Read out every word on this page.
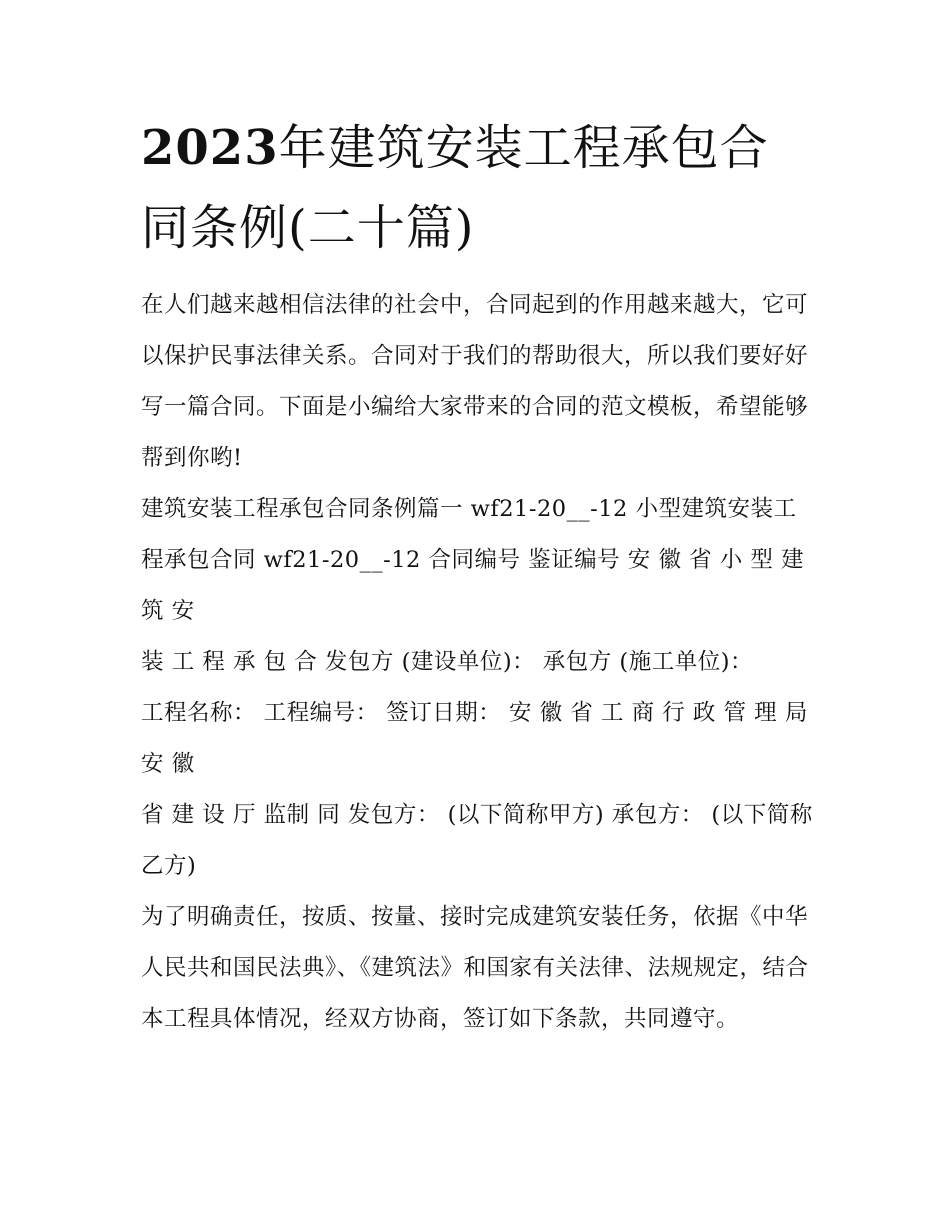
2023年建筑安装工程承包合同条例(二十篇)

在人们越来越相信法律的社会中，合同起到的作用越来越大，它可以保护民事法律关系。合同对于我们的帮助很大，所以我们要好好写一篇合同。下面是小编给大家带来的合同的范文模板，希望能够帮到你哟!

建筑安装工程承包合同条例篇一 wf21-20__-12 小型建筑安装工程承包合同 wf21-20__-12 合同编号 鉴证编号 安 徽 省 小 型 建 筑 安

装 工 程 承 包 合 发包方 (建设单位)： 承包方 (施工单位)：

工程名称： 工程编号： 签订日期： 安 徽 省 工 商 行 政 管 理 局 安 徽

省 建 设 厅 监制 同 发包方： (以下简称甲方) 承包方： (以下简称乙方)

为了明确责任，按质、按量、接时完成建筑安装任务，依据《中华人民共和国民法典》、《建筑法》和国家有关法律、法规规定，结合本工程具体情况，经双方协商，签订如下条款，共同遵守。
